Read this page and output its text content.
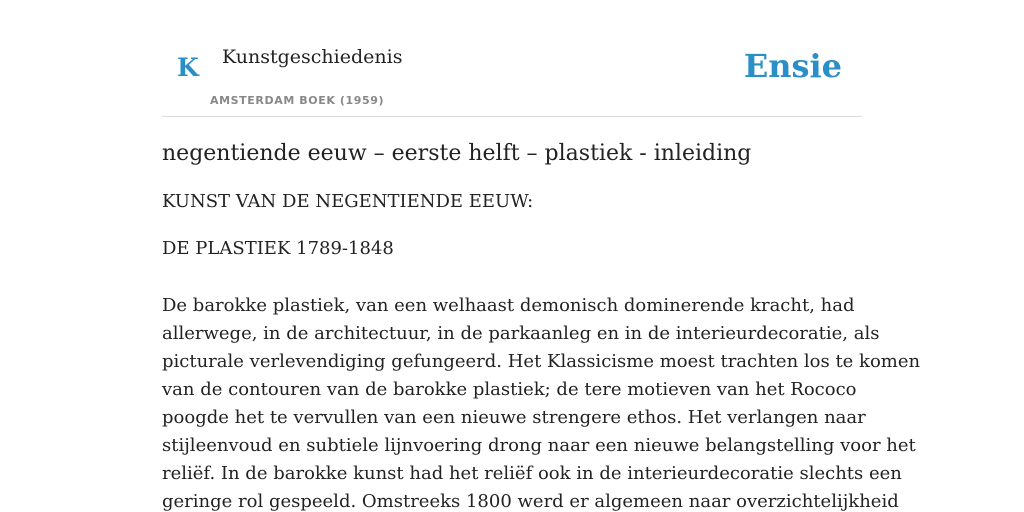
K Kunstgeschiedenis
AMSTERDAM BOEK (1959)
Ensie
negentiende eeuw – eerste helft – plastiek - inleiding

KUNST VAN DE NEGENTIENDE EEUW:

DE PLASTIEK 1789-1848

De barokke plastiek, van een welhaast demonisch dominerende kracht, had
allerwege, in de architectuur, in de parkaanleg en in de interieurdecoratie, als
picturale verlevendiging gefungeerd. Het Klassicisme moest trachten los te komen
van de contouren van de barokke plastiek; de tere motieven van het Rococo
poogde het te vervullen van een nieuwe strengere ethos. Het verlangen naar
stijleenvoud en subtiele lijnvoering drong naar een nieuwe belangstelling voor het
reliëf. In de barokke kunst had het reliëf ook in de interieurdecoratie slechts een
geringe rol gespeeld. Omstreeks 1800 werd er algemeen naar overzichtelijkheid
